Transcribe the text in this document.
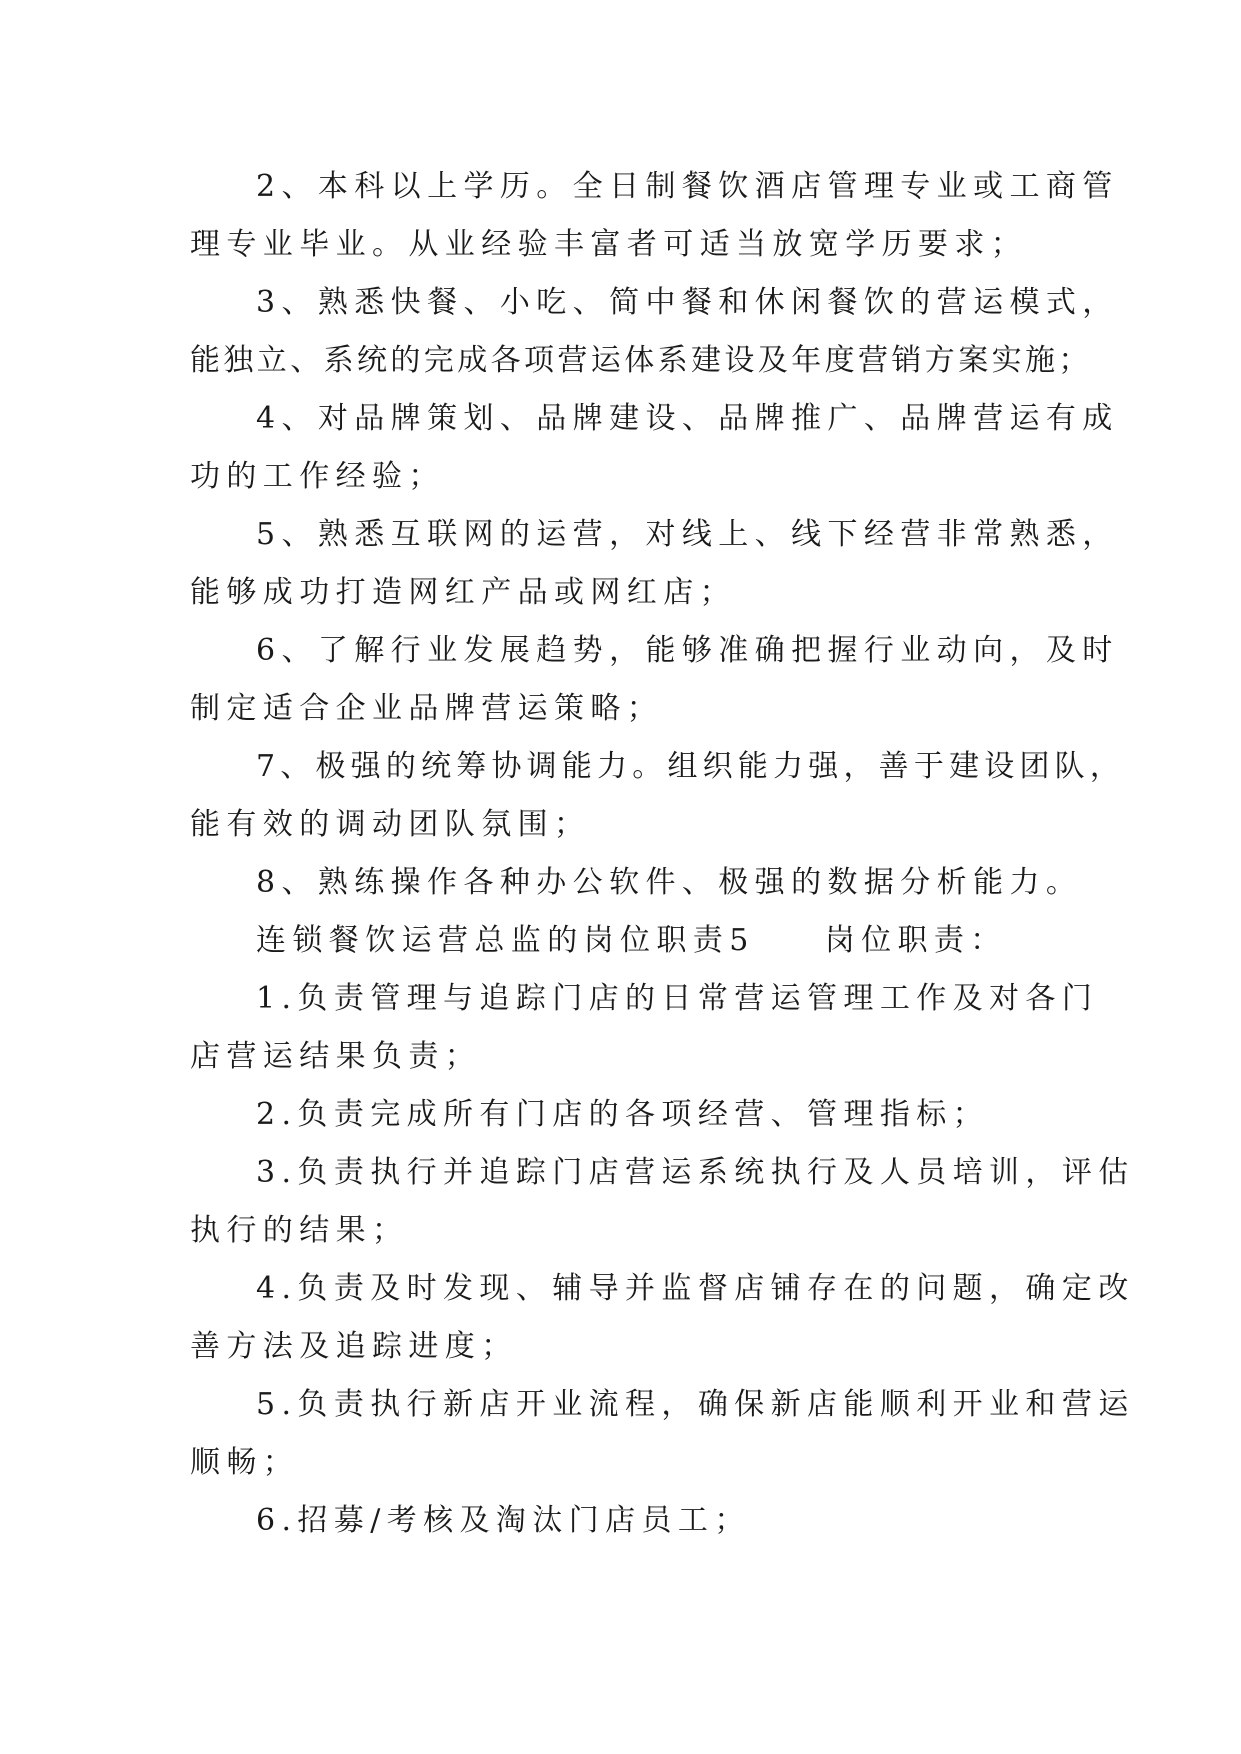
2、本科以上学历。全日制餐饮酒店管理专业或工商管
理专业毕业。从业经验丰富者可适当放宽学历要求；

3、熟悉快餐、小吃、简中餐和休闲餐饮的营运模式，
能独立、系统的完成各项营运体系建设及年度营销方案实施；

4、对品牌策划、品牌建设、品牌推广、品牌营运有成
功的工作经验；

5、熟悉互联网的运营，对线上、线下经营非常熟悉，
能够成功打造网红产品或网红店；

6、了解行业发展趋势，能够准确把握行业动向，及时
制定适合企业品牌营运策略；

7、极强的统筹协调能力。组织能力强，善于建设团队，
能有效的调动团队氛围；

8、熟练操作各种办公软件、极强的数据分析能力。

连锁餐饮运营总监的岗位职责5 岗位职责：

1.负责管理与追踪门店的日常营运管理工作及对各门
店营运结果负责；

2.负责完成所有门店的各项经营、管理指标；

3.负责执行并追踪门店营运系统执行及人员培训，评估
执行的结果；

4.负责及时发现、辅导并监督店铺存在的问题，确定改
善方法及追踪进度；

5.负责执行新店开业流程，确保新店能顺利开业和营运
顺畅；

6.招募/考核及淘汰门店员工；
